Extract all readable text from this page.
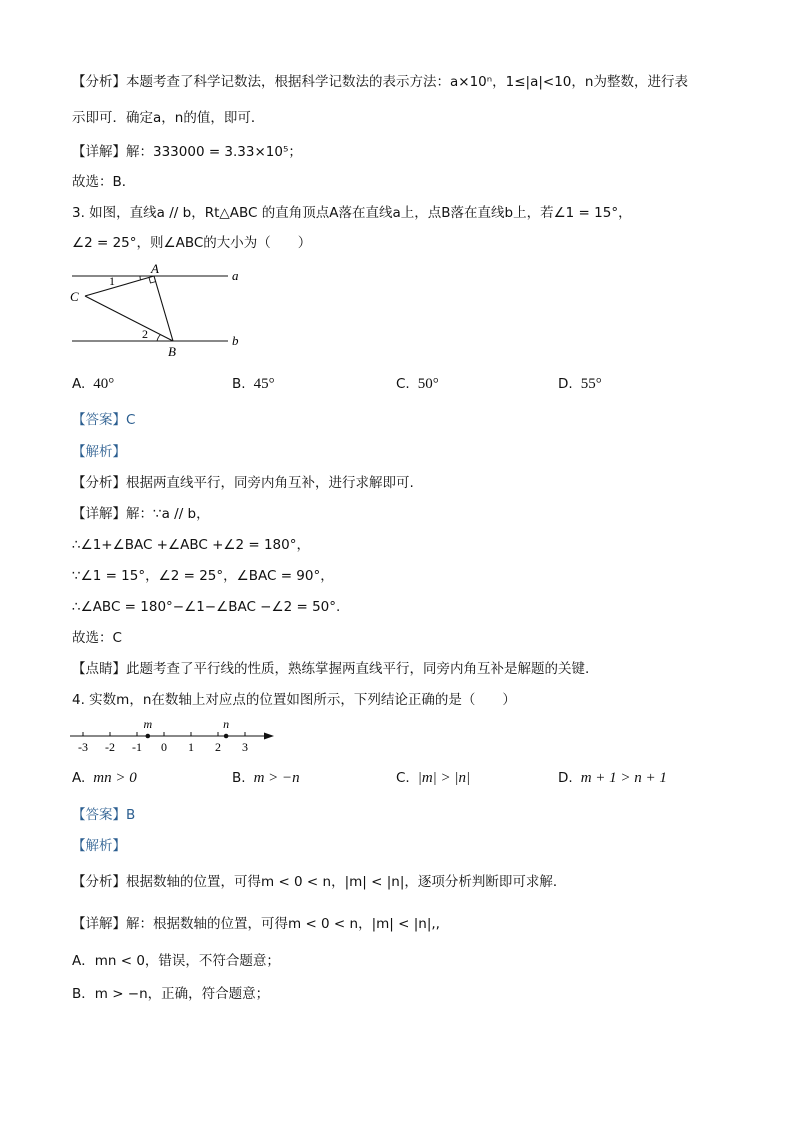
【分析】本题考查了科学记数法，根据科学记数法的表示方法：a×10ⁿ，1≤|a|<10，n为整数，进行表
示即可．确定a，n的值，即可．
【详解】解：333000 = 3.33×10⁵；
故选：B．
3. 如图，直线a // b，Rt△ABC 的直角顶点A落在直线a上，点B落在直线b上，若∠1 = 15°，
∠2 = 25°，则∠ABC的大小为（　　）
A
B
C
a
b
1
2
A. 40°	B. 45°	C. 50°	D. 55°
【答案】C
【解析】
【分析】根据两直线平行，同旁内角互补，进行求解即可.
【详解】解：∵a // b，
∴∠1+∠BAC +∠ABC +∠2 = 180°，
∵∠1 = 15°，∠2 = 25°，∠BAC = 90°，
∴∠ABC = 180°−∠1−∠BAC −∠2 = 50°.
故选：C
【点睛】此题考查了平行线的性质，熟练掌握两直线平行，同旁内角互补是解题的关键.
4. 实数m，n在数轴上对应点的位置如图所示，下列结论正确的是（　　）
-3 -2 -1 0 1 2 3
m	n
A. mn > 0	B. m > −n	C. |m| > |n|	D. m + 1 > n + 1
【答案】B
【解析】
【分析】根据数轴的位置，可得m < 0 < n，|m| < |n|，逐项分析判断即可求解．
【详解】解：根据数轴的位置，可得m < 0 < n，|m| < |n|,,
A．mn < 0，错误，不符合题意；
B．m > −n，正确，符合题意；
